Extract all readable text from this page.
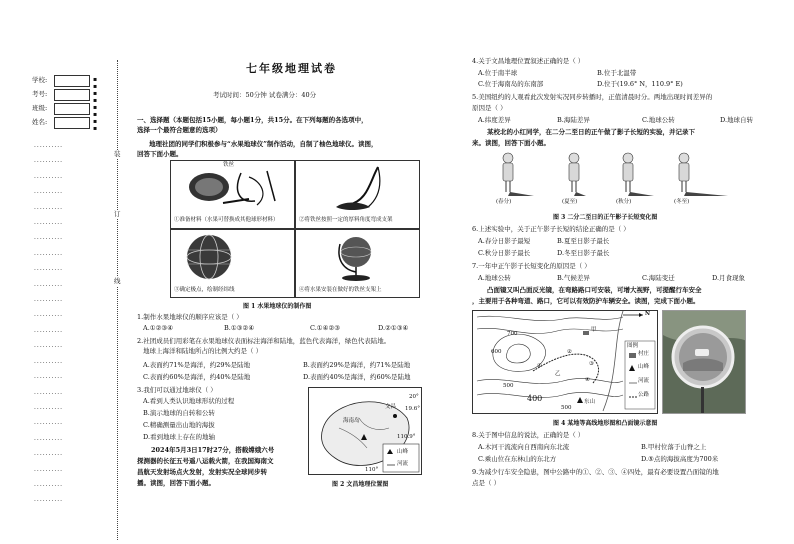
学校:
考号:
班级:
姓名:
▪
▪
▪
▪
▪
▪
▪
▪
··········
··········
··········
··········
··········
··········
··········
··········
··········
··········
··········
··········
··········
··········
··········
··········
··········
··········
··········
··········
··········
··········
··········
··········
装
订
线
七年级地理试卷
考试时间：50分钟 试卷满分：40分
一、选择题（本题包括15小题，每小题1分，共15分。在下列每题的各选项中，
选择一个最符合题意的选项）
地理社团的同学们积极参与“水果地球仪”制作活动，自制了柚色地球仪。读图，
回答下面小题。
铁丝
①准备材料（水果可替换成其他球形材料）	②将铁丝按照一定的厚料角度弯成支架
③确定极点，绘制经纬线	④将水果安装在做好的铁丝支架上
图 1 水果地球仪的制作图
1.制作水果地球仪的顺序应该是（ ）
A.①②③④	B.①③②④	C.①④②③	D.②①③④
2.社团成员们用彩笔在水果地球仪表面标注海洋和陆地，蓝色代表海洋，绿色代表陆地。
地球上海洋和陆地所占的比例大约是（ ）
A.表面约71%是海洋，约29%是陆地	B.表面约29%是海洋，约71%是陆地
C.表面约60%是海洋，约40%是陆地	D.表面约40%是海洋，约60%是陆地
3.我们可以通过地球仪（ ）
A.看到人类认识地球形状的过程
B.演示地球的自转和公转
C.精确测量出山地的海拔
D.看到地球上存在的地轴
2024年5月3日17时27分，搭载嫦娥六号
探测器的长征五号遥八运载火箭，在我国海南文
昌航天发射场点火发射，发射实况全球同步转
播。读图，回答下面小题。
海南岛
文昌
20°
19.6°
110°
110.9°
山峰
河流
图 2 文昌地理位置图
4.关于文昌地理位置叙述正确的是（ ）
A.位于南半球	B.位于北温带
C.位于海南岛的东南部	D.位于(19.6° N，110.9° E)
5.美国纽约的人观看此次发射实况同步转播时，正值清晨时分。两地出现时间差异的
原因是（ ）
A.纬度差异	B.海陆差异	C.地球公转	D.地球自转
某校北的小红同学，在二分二至日的正午做了影子长短的实验，并记录下
来。读图，回答下面小题。
(春分)	(夏至)	(秋分)	(冬至)
图 3 二分二至日的正午影子长短变化图
6.上述实验中，关于正午影子长短的结论正确的是（ ）
A.春分日影子最短	B.夏至日影子最长
C.秋分日影子最长	D.冬至日影子最长
7.一年中正午影子长短变化的原因是（ ）
A.地球公转	B.气候差异	C.海陆变迁	D.月食现象
凸面镜又叫凸面反光镜，在弯路路口可安装，可增大视野，可提醒行车安全
，主要用于各种弯道、路口，它可以有效防护车辆安全。读图，完成下面小题。
700
600
500
400
500
①
②
③
④
N
甲
乙
东山
图例
村庄
山峰
河流
公路
图 4 某地等高线地形图和凸面镜示意图
8.关于图中信息的说法，正确的是（ ）
A.木河干流流向自西南向东北流	B.甲村位落于山脊之上
C.乘山位在东林山的东北方	D.⑤点的海拔高度为700米
9.为减少行车安全隐患，图中公路中的①、②、③、④四处，最有必要设置凸面镜的地
点是（ ）
